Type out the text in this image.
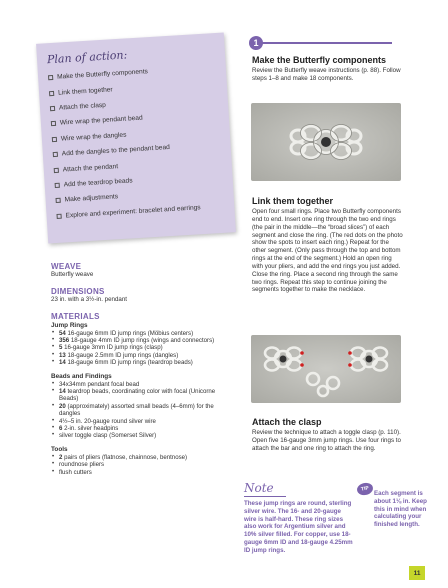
Plan of action:
Make the Butterfly components
Link them together
Attach the clasp
Wire wrap the pendant bead
Wire wrap the dangles
Add the dangles to the pendant bead
Attach the pendant
Add the teardrop beads
Make adjustments
Explore and experiment: bracelet and earrings
WEAVE
Butterfly weave
DIMENSIONS
23 in. with a 3½-in. pendant
MATERIALS
Jump Rings
• 54 16-gauge 6mm ID jump rings (Möbius centers)
• 356 18-gauge 4mm ID jump rings (wings and connectors)
• 5 16-gauge 3mm ID jump rings (clasp)
• 13 18-gauge 2.5mm ID jump rings (dangles)
• 14 18-gauge 6mm ID jump rings (teardrop beads)
Beads and Findings
• 34x34mm pendant focal bead
• 14 teardrop beads, coordinating color with focal (Unicorne Beads)
• 20 (approximately) assorted small beads (4–6mm) for the dangles
• 4½–5 in. 20-gauge round silver wire
• 6 2-in. silver headpins
• silver toggle clasp (Somerset Silver)
Tools
• 2 pairs of pliers (flatnose, chainnose, bentnose)
• roundnose pliers
• flush cutters
1
Make the Butterfly components
Review the Butterfly weave instructions (p. 88). Follow steps 1–8 and make 18 components.
Link them together
Open four small rings. Place two Butterfly components end to end. Insert one ring through the two end rings (the pair in the middle—the “broad slices”) of each segment and close the ring. (The red dots on the photo show the spots to insert each ring.) Repeat for the other segment. (Only pass through the top and bottom rings at the end of the segment.) Hold an open ring with your pliers, and add the end rings you just added. Close the ring. Place a second ring through the same two rings. Repeat this step to continue joining the segments together to make the necklace.
Attach the clasp
Review the technique to attach a toggle clasp (p. 110). Open five 16-gauge 3mm jump rings. Use four rings to attach the bar and one ring to attach the ring.
Note
These jump rings are round, sterling silver wire. The 16- and 20-gauge wire is half-hard. These ring sizes also work for Argentium silver and 10% silver filled. For copper, use 18-gauge 6mm ID and 18-gauge 4.25mm ID jump rings.
TIP
Each segment is about 1⅛ in. Keep this in mind when calculating your finished length.
11
